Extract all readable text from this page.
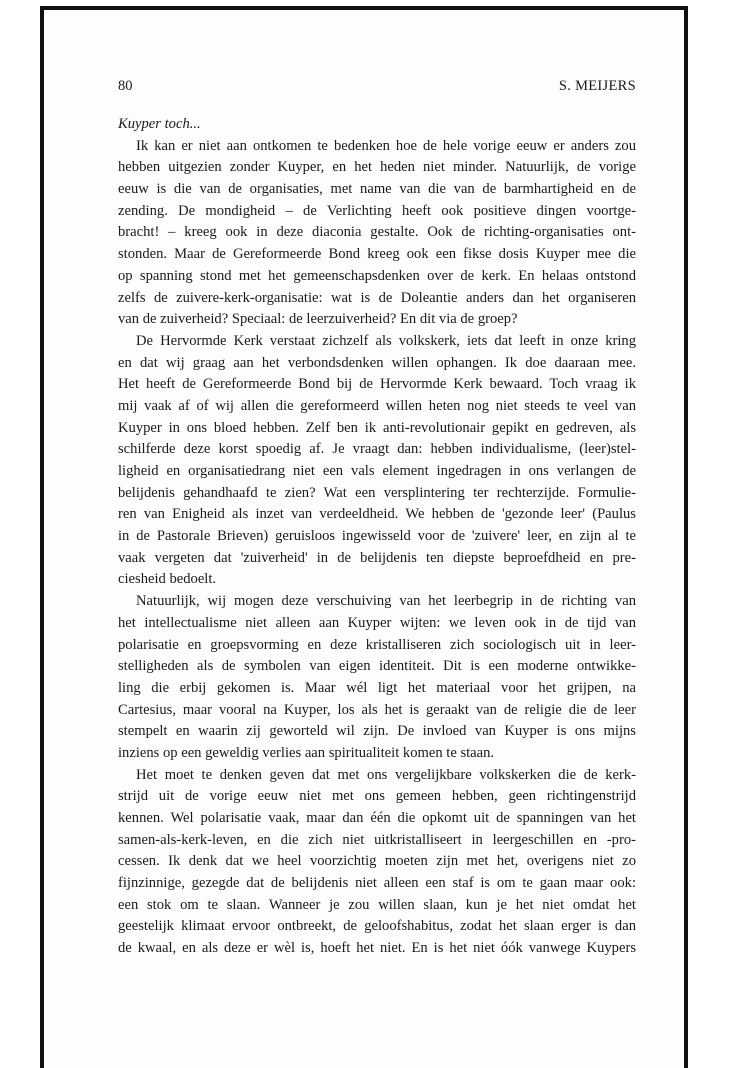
80	S. MEIJERS
Kuyper toch...
Ik kan er niet aan ontkomen te bedenken hoe de hele vorige eeuw er anders zou
hebben uitgezien zonder Kuyper, en het heden niet minder. Natuurlijk, de vorige
eeuw is die van de organisaties, met name van die van de barmhartigheid en de
zending. De mondigheid – de Verlichting heeft ook positieve dingen voortge-
bracht! – kreeg ook in deze diaconia gestalte. Ook de richting-organisaties ont-
stonden. Maar de Gereformeerde Bond kreeg ook een fikse dosis Kuyper mee die
op spanning stond met het gemeenschapsdenken over de kerk. En helaas ontstond
zelfs de zuivere-kerk-organisatie: wat is de Doleantie anders dan het organiseren
van de zuiverheid? Speciaal: de leerzuiverheid? En dit via de groep?
De Hervormde Kerk verstaat zichzelf als volkskerk, iets dat leeft in onze kring
en dat wij graag aan het verbondsdenken willen ophangen. Ik doe daaraan mee.
Het heeft de Gereformeerde Bond bij de Hervormde Kerk bewaard. Toch vraag ik
mij vaak af of wij allen die gereformeerd willen heten nog niet steeds te veel van
Kuyper in ons bloed hebben. Zelf ben ik anti-revolutionair gepikt en gedreven, als
schilferde deze korst spoedig af. Je vraagt dan: hebben individualisme, (leer)stel-
ligheid en organisatiedrang niet een vals element ingedragen in ons verlangen de
belijdenis gehandhaafd te zien? Wat een versplintering ter rechterzijde. Formulie-
ren van Enigheid als inzet van verdeeldheid. We hebben de 'gezonde leer' (Paulus
in de Pastorale Brieven) geruisloos ingewisseld voor de 'zuivere' leer, en zijn al te
vaak vergeten dat 'zuiverheid' in de belijdenis ten diepste beproefdheid en pre-
ciesheid bedoelt.
Natuurlijk, wij mogen deze verschuiving van het leerbegrip in de richting van
het intellectualisme niet alleen aan Kuyper wijten: we leven ook in de tijd van
polarisatie en groepsvorming en deze kristalliseren zich sociologisch uit in leer-
stelligheden als de symbolen van eigen identiteit. Dit is een moderne ontwikke-
ling die erbij gekomen is. Maar wél ligt het materiaal voor het grijpen, na
Cartesius, maar vooral na Kuyper, los als het is geraakt van de religie die de leer
stempelt en waarin zij geworteld wil zijn. De invloed van Kuyper is ons mijns
inziens op een geweldig verlies aan spiritualiteit komen te staan.
Het moet te denken geven dat met ons vergelijkbare volkskerken die de kerk-
strijd uit de vorige eeuw niet met ons gemeen hebben, geen richtingenstrijd
kennen. Wel polarisatie vaak, maar dan één die opkomt uit de spanningen van het
samen-als-kerk-leven, en die zich niet uitkristalliseert in leergeschillen en -pro-
cessen. Ik denk dat we heel voorzichtig moeten zijn met het, overigens niet zo
fijnzinnige, gezegde dat de belijdenis niet alleen een staf is om te gaan maar ook:
een stok om te slaan. Wanneer je zou willen slaan, kun je het niet omdat het
geestelijk klimaat ervoor ontbreekt, de geloofshabitus, zodat het slaan erger is dan
de kwaal, en als deze er wèl is, hoeft het niet. En is het niet óók vanwege Kuypers
